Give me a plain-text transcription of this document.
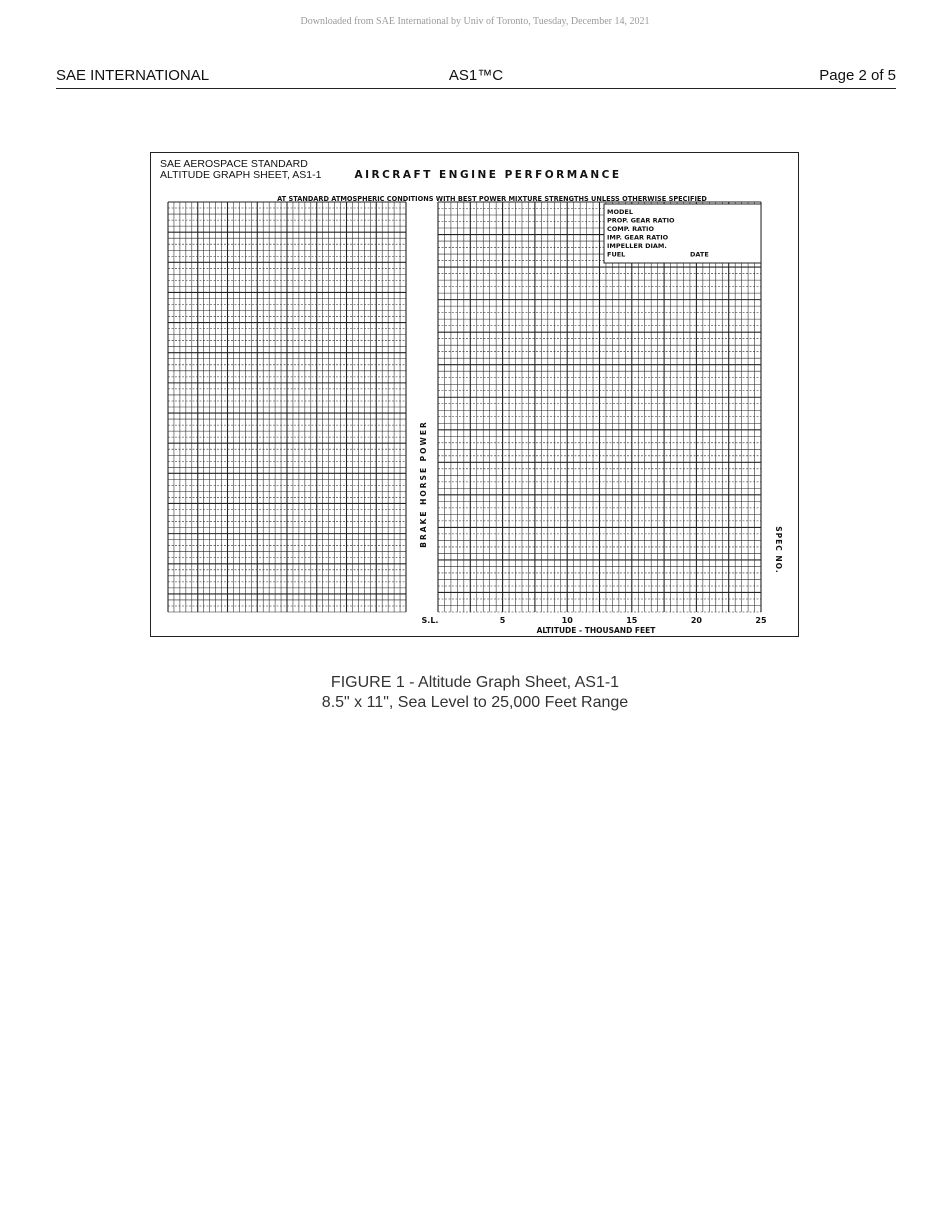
Downloaded from SAE International by Univ of Toronto, Tuesday, December 14, 2021
SAE INTERNATIONAL	AS1™C	Page 2 of 5
SAE AEROSPACE STANDARD
ALTITUDE GRAPH SHEET, AS1-1	AIRCRAFT ENGINE PERFORMANCE
AT STANDARD ATMOSPHERIC CONDITIONS WITH BEST POWER MIXTURE STRENGTHS UNLESS OTHERWISE SPECIFIED
MODEL
PROP. GEAR RATIO
COMP. RATIO
IMP. GEAR RATIO
IMPELLER DIAM.
FUEL	DATE
BRAKE HORSE POWER
SPEC NO.
S.L.	5	10	15	20	25
ALTITUDE - THOUSAND FEET
FIGURE 1 - Altitude Graph Sheet, AS1-1
8.5" x 11", Sea Level to 25,000 Feet Range
